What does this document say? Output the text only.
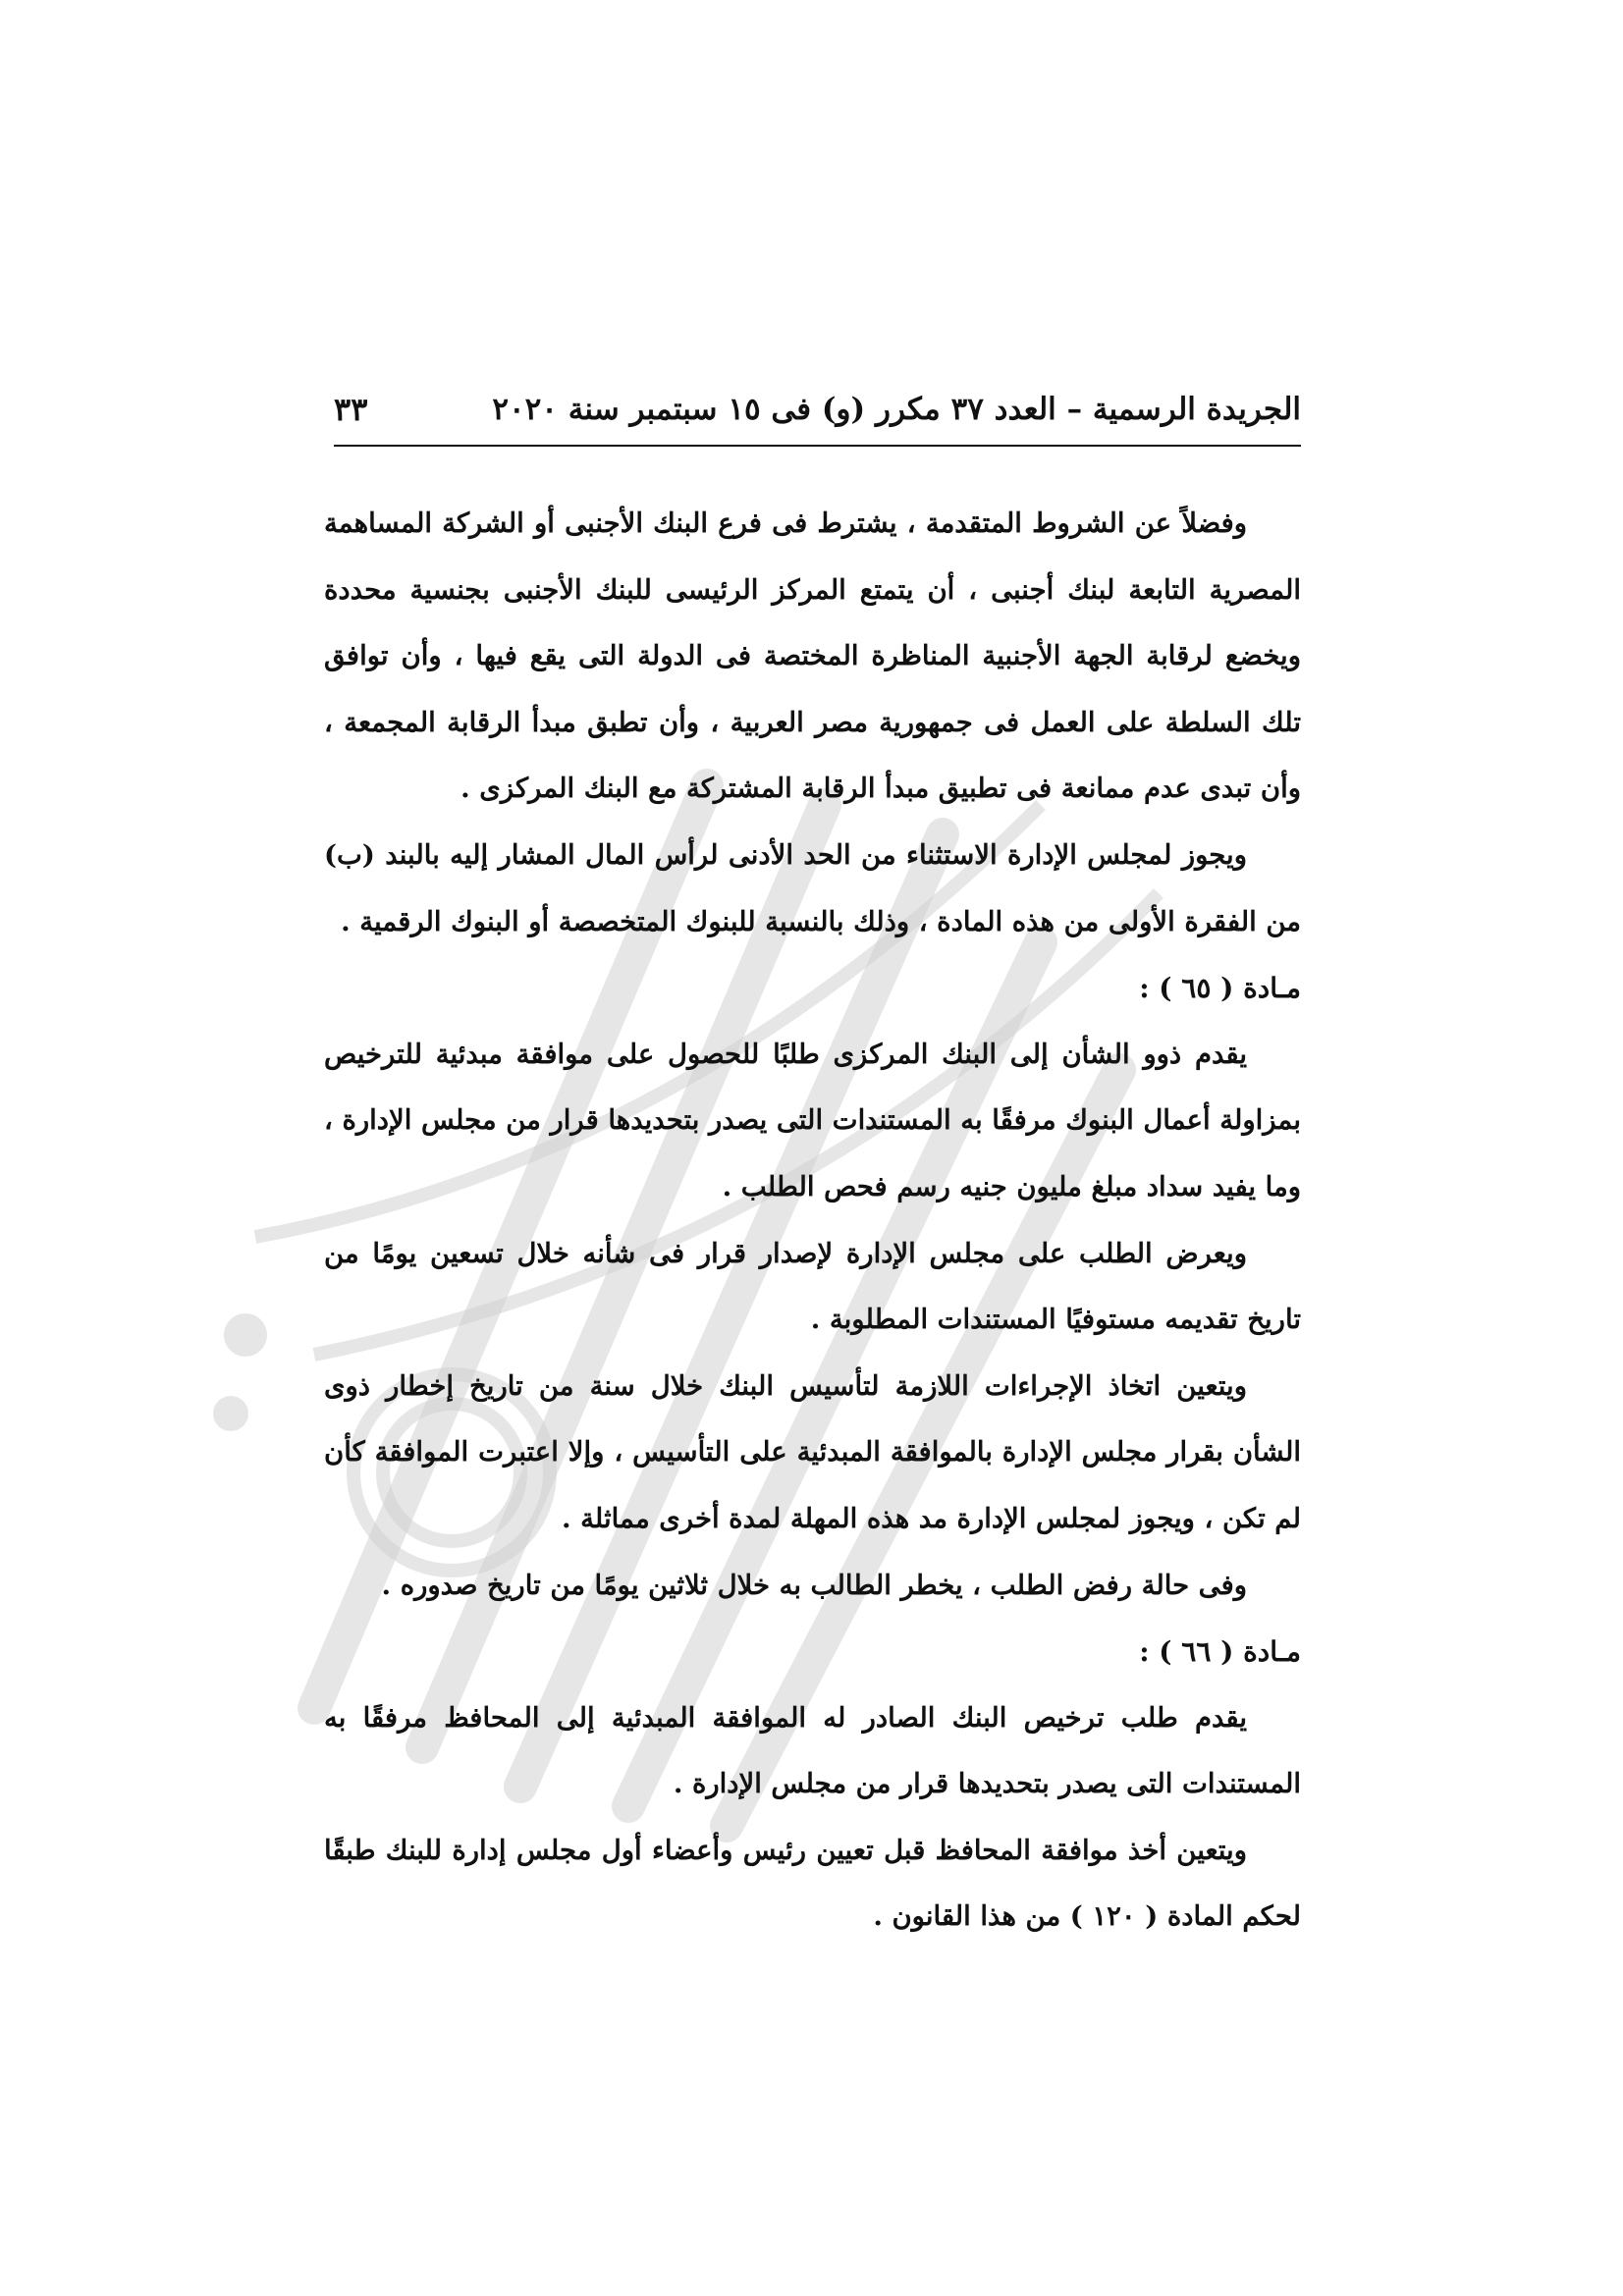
الجريدة الرسمية – العدد ٣٧ مكرر (و) فى ١٥ سبتمبر سنة ٢٠٢٠
٣٣

وفضلاً عن الشروط المتقدمة ، يشترط فى فرع البنك الأجنبى أو الشركة المساهمة المصرية التابعة لبنك أجنبى ، أن يتمتع المركز الرئيسى للبنك الأجنبى بجنسية محددة ويخضع لرقابة الجهة الأجنبية المناظرة المختصة فى الدولة التى يقع فيها ، وأن توافق تلك السلطة على العمل فى جمهورية مصر العربية ، وأن تطبق مبدأ الرقابة المجمعة ، وأن تبدى عدم ممانعة فى تطبيق مبدأ الرقابة المشتركة مع البنك المركزى .

ويجوز لمجلس الإدارة الاستثناء من الحد الأدنى لرأس المال المشار إليه بالبند (ب) من الفقرة الأولى من هذه المادة ، وذلك بالنسبة للبنوك المتخصصة أو البنوك الرقمية .

مـادة ( ٦٥ ) :

يقدم ذوو الشأن إلى البنك المركزى طلبًا للحصول على موافقة مبدئية للترخيص بمزاولة أعمال البنوك مرفقًا به المستندات التى يصدر بتحديدها قرار من مجلس الإدارة ، وما يفيد سداد مبلغ مليون جنيه رسم فحص الطلب .

ويعرض الطلب على مجلس الإدارة لإصدار قرار فى شأنه خلال تسعين يومًا من تاريخ تقديمه مستوفيًا المستندات المطلوبة .

ويتعين اتخاذ الإجراءات اللازمة لتأسيس البنك خلال سنة من تاريخ إخطار ذوى الشأن بقرار مجلس الإدارة بالموافقة المبدئية على التأسيس ، وإلا اعتبرت الموافقة كأن لم تكن ، ويجوز لمجلس الإدارة مد هذه المهلة لمدة أخرى مماثلة .

وفى حالة رفض الطلب ، يخطر الطالب به خلال ثلاثين يومًا من تاريخ صدوره .

مـادة ( ٦٦ ) :

يقدم طلب ترخيص البنك الصادر له الموافقة المبدئية إلى المحافظ مرفقًا به المستندات التى يصدر بتحديدها قرار من مجلس الإدارة .

ويتعين أخذ موافقة المحافظ قبل تعيين رئيس وأعضاء أول مجلس إدارة للبنك طبقًا لحكم المادة ( ١٢٠ ) من هذا القانون .
